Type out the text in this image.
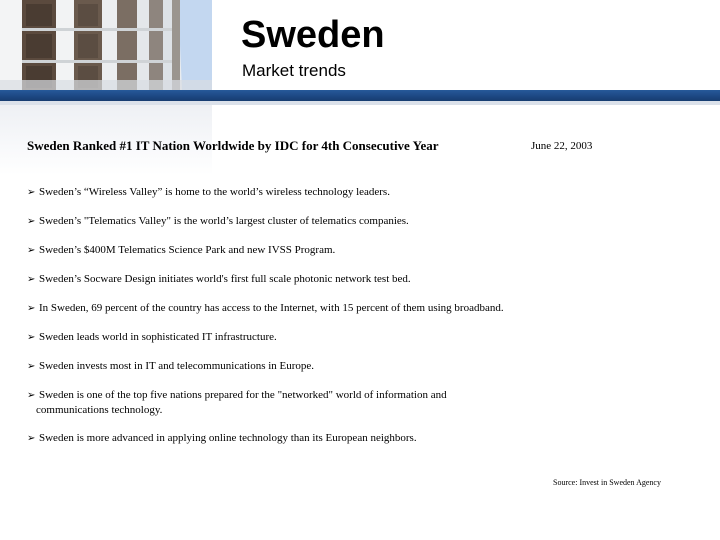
Sweden

Market trends

Sweden Ranked #1 IT Nation Worldwide by IDC for 4th Consecutive Year	June 22, 2003
➢ Sweden’s “Wireless Valley” is home to the world’s wireless technology leaders.
➢ Sweden’s "Telematics Valley" is the world’s largest cluster of telematics companies.
➢ Sweden’s $400M Telematics Science Park and new IVSS Program.
➢ Sweden’s Socware Design initiates world's first full scale photonic network test bed.
➢ In Sweden, 69 percent of the country has access to the Internet, with 15 percent of them using broadband.
➢ Sweden leads world in sophisticated IT infrastructure.
➢ Sweden invests most in IT and telecommunications in Europe.
➢ Sweden is one of the top five nations prepared for the "networked" world of information and
communications technology.
➢ Sweden is more advanced in applying online technology than its European neighbors.
Source: Invest in Sweden Agency
